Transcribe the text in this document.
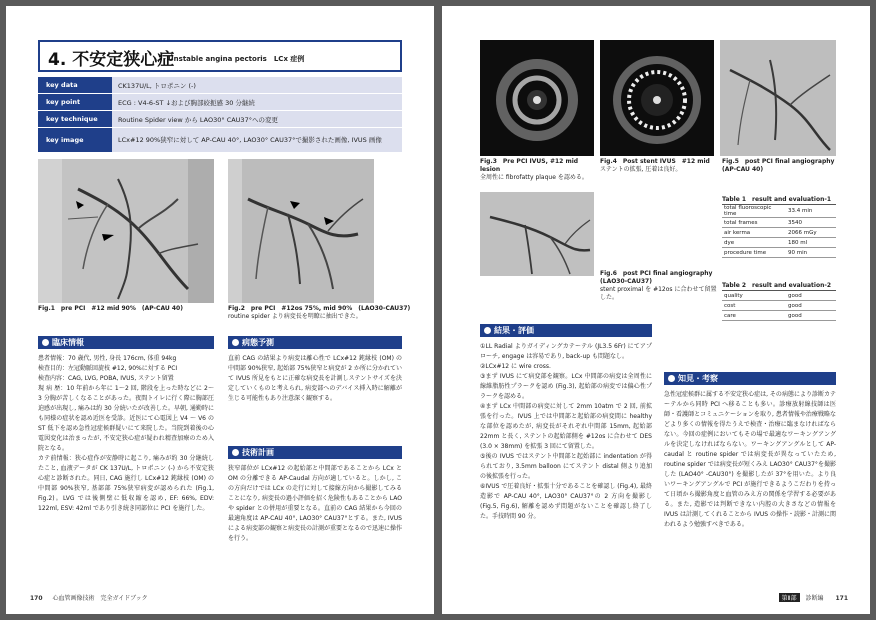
4. 不安定狭心症
Unstable angina pectoris　LCx 症例
key data	CK137U/L, トロポニン (-)
key point	ECG : V4-6-ST ↓および胸部絞扼感 30 分継続
key technique	Routine Spider view から LAO30° CAU37°への変更
key image	LCx#12 90%狭窄に対して AP-CAU 40°, LAO30° CAU37°で撮影された画像, IVUS 画像
Fig.1　pre PCI　#12 mid 90%　(AP-CAU 40)	Fig.2　pre PCI　#12os 75%, mid 90%　(LAO30-CAU37)
routine spider より病変長を明瞭に抽出できた。
臨床情報

患者情報：70 歳代, 男性, 身長 176cm, 体重 94kg

検査目的：左冠動脈回旋枝 #12, 90%に対する PCI

検査内容：CAG, LVG, POBA, IVUS, ステント留置

現 病 歴：10 年前から年に 1～2 回, 階段を上った時などに 2～3 分胸が苦しくなることがあった。夜間トイレに行く際に胸部圧迫感が出現し, 痛みは約 30 分続いたが改善した。早朝, 通勤時にも同様の症状を認め近医を受診。近医にて心電図上 V4 ～ V6 の ST 低下を認め急性冠症候群疑いにて来院した。当院到着後の心電図変化は治まったが, 不安定狭心症が疑われ精査加療のため入院となる。

カテ前情報：狭心症作が安静時に起こり, 痛みが約 30 分継続したこと, 血液データが CK 137U/L, トロポニン (-) から不安定狭心症と診断された。同日, CAG 施行し LCx#12 鈍縁枝 (OM) の中間部 90%狭窄, 基部部 75%狭窄病変が認められた (Fig.1, Fig.2)。LVG では後側壁に低収縮を認め, EF: 66%, EDV: 122ml, ESV: 42ml であり引き続き同部位に PCI を施行した。

病態予測

直前 CAG の結果より病変は離心性で LCx#12 鈍縁枝 (OM) の中間部 90%狭窄, 起始部 75%狭窄と病変が 2 か所に分かれていて IVUS 所見をもとに正確な病変長を計測しステントサイズを決定していくものと考えられ, 病変部へのデバイス挿入時に解離が生じる可能性もあり注意深く観察する。

技術計画

狭窄部位が LCx#12 の起始部と中間部であることから LCx と OM の分離できる AP-Caudal 方向が適していると。しかし, この方向だけでは LCx の走行に対して接線方向から撮影してみることになり, 病変長の過小評価を招く危険性もあることから LAO や spider との併用が重要となる。直前の CAG 結果から今回の最適角度は AP-CAU 40°, LAO30° CAU37°とする。また, IVUS による病変部の観察と病変長の計測が重要となるので迅速に操作を行う。

170 心血管画像技術　完全ガイドブック
Fig.3　Pre PCI IVUS, #12 mid lesion
全周性に fibrofatty plaque を認める。
Fig.4　Post stent IVUS　#12 mid
ステントの拡張, 圧着は良好。
Fig.5　post PCI final angiography (AP-CAU 40)
Fig.6　post PCI final angiography (LAO30-CAU37)
stent proximal を #12os に合わせて留置した。
Table 1　result and evaluation-1
total fluoroscopic time	33.4 min
total frames	3540
air kerma	2066 mGy
dye	180 ml
procedure time	90 min
Table 2　result and evaluation-2
quality	good
cost	good
care	good
結果・評価

①LL Radial よりガイディングカテーテル (JL3.5 6Fr) にてアプローチ, engage は容易であり, back-up も問題なし。

②LCx#12 に wire cross.

③まず IVUS にて病変部を観察。LCx 中間部の病変は全周性に線維脂肪性プラークを認め (Fig.3), 起始部の病変では偏心性プラークを認める。

④まず LCx 中間部の病変に対して 2mm 10atm で 2 回, 前拡張を行った。IVUS 上では中間部と起始部の病変間に healthy な部位を認めたが, 病変長がそれぞれ中間部 15mm, 起始部 22mm と長く, ステントの起始部側を #12os に合わせて DES (3.0 × 38mm) を拡張 3 回にて留置した。

⑤後の IVUS ではステント中間部と起始部に indentation が得られており, 3.5mm balloon にてステント distal 側より追加の後拡張を行った。

⑥IVUS で圧着良好・拡張十分であることを確認し (Fig.4), 最終造影で AP-CAU 40°, LAO30° CAU37°の 2 方向を撮影し (Fig.5, Fig.6), 解離を認めず問題がないことを確認し終了した。手技時間 90 分。

知見・考察

急性冠症候群に属する不安定狭心症は, その病態により診断カテーテルから同時 PCI へ移ることも多い。診療放射線技師は医師・看護師とコミュニケーションを取り, 患者情報や治療戦略などより多くの情報を得たうえで検査・治療に臨まなければならない。今回の症例においてもその場で最適なワーキングアングルを決定しなければならない。ワーキングアングルとして AP-caudal と routine spider では病変長が異なっていたため, routine spider では病変長が短くみえ LAO30° CAU37°を撮影した (LAO40° -CAU30°) を撮影したが 37°を用いた。より良いワーキングアングルで PCI が施行できるようこだわりを持って日頃から撮影角度と血管のみえ方の関係を学習する必要がある。また, 造影では判断できない内腔の大きさなどの情報を IVUS は計測してくれることから IVUS の操作・読影・計測に関われるよう勉強すべきである。

第Ⅱ部 診断編 171
